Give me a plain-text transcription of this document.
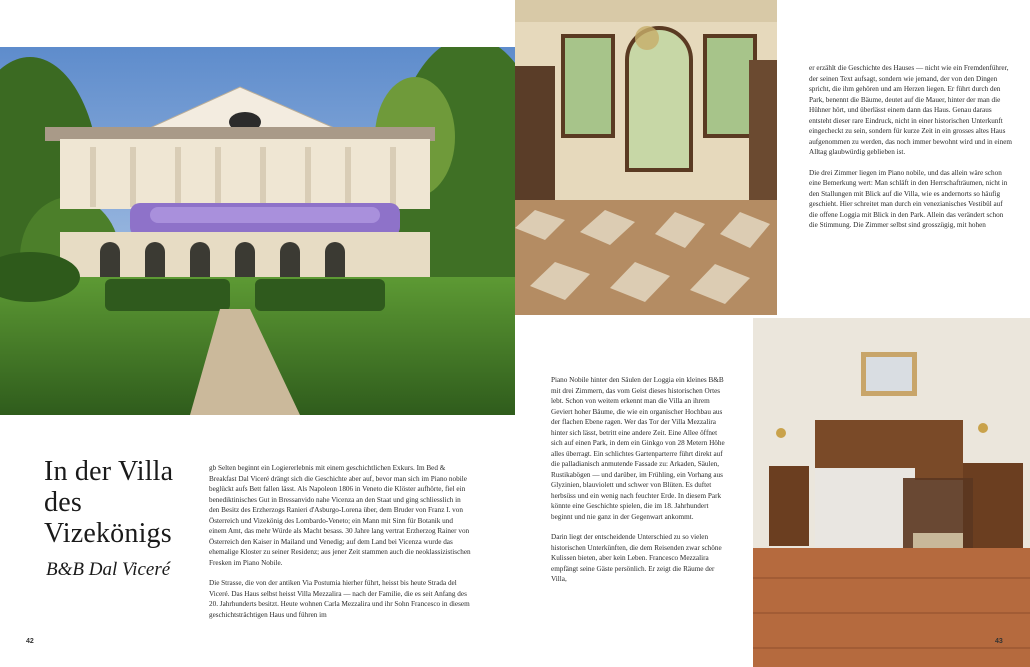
In der Villa des
Vizekönigs
B&B Dal Viceré

gb Selten beginnt ein Logiererlebnis mit einem geschichtlichen Exkurs. Im Bed & Breakfast Dal Viceré drängt sich die Geschichte aber auf, bevor man sich im Piano nobile beglückt aufs Bett fallen lässt. Als Napoleon 1806 in Veneto die Klöster aufhörte, fiel ein benediktinisches Gut in Bressanvido nahe Vicenza an den Staat und ging schliesslich in den Besitz des Erzherzogs Ranieri d'Asburgo-Lorena über, dem Bruder von Franz I. von Österreich und Vizekönig des Lombardo-Veneto; ein Mann mit Sinn für Botanik und einem Amt, das mehr Würde als Macht besass. 30 Jahre lang vertrat Erzherzog Rainer von Österreich den Kaiser in Mailand und Venedig; auf dem Land bei Vicenza wurde das ehemalige Kloster zu seiner Residenz; aus jener Zeit stammen auch die neoklassizistischen Fresken im Piano Nobile.

Die Strasse, die von der antiken Via Postumia hierher führt, heisst bis heute Strada del Viceré. Das Haus selbst heisst Villa Mezzalira — nach der Familie, die es seit Anfang des 20. Jahrhunderts besitzt. Heute wohnen Carla Mezzalira und ihr Sohn Francesco in diesem geschichtsträchtigen Haus und führen im

42

er erzählt die Geschichte des Hauses — nicht wie ein Fremdenführer, der seinen Text aufsagt, sondern wie jemand, der von den Dingen spricht, die ihm gehören und am Herzen liegen. Er führt durch den Park, benennt die Bäume, deutet auf die Mauer, hinter der man die Hühner hört, und überlässt einem dann das Haus. Genau daraus entsteht dieser rare Eindruck, nicht in einer historischen Unterkunft eingecheckt zu sein, sondern für kurze Zeit in ein grosses altes Haus aufgenommen zu werden, das noch immer bewohnt wird und in einem Alltag glaubwürdig geblieben ist.

Die drei Zimmer liegen im Piano nobile, und das allein wäre schon eine Bemerkung wert: Man schläft in den Herrschafträumen, nicht in den Stallungen mit Blick auf die Villa, wie es andernorts so häufig geschieht. Hier schreitet man durch ein venezianisches Vestibül auf die offene Loggia mit Blick in den Park. Allein das verändert schon die Stimmung. Die Zimmer selbst sind grosszügig, mit hohen

Piano Nobile hinter den Säulen der Loggia ein kleines B&B mit drei Zimmern, das vom Geist dieses historischen Ortes lebt. Schon von weitem erkennt man die Villa an ihrem Geviert hoher Bäume, die wie ein organischer Hochbau aus der flachen Ebene ragen. Wer das Tor der Villa Mezzalira hinter sich lässt, betritt eine andere Zeit. Eine Allee öffnet sich auf einen Park, in dem ein Ginkgo von 28 Metern Höhe alles überragt. Ein schlichtes Gartenparterre führt direkt auf die palladianisch anmutende Fassade zu: Arkaden, Säulen, Rustikabögen — und darüber, im Frühling, ein Vorhang aus Glyzinien, blauviolett und schwer von Blüten. Es duftet herbsüss und ein wenig nach feuchter Erde. In diesem Park könnte eine Geschichte spielen, die im 18. Jahrhundert beginnt und nie ganz in der Gegenwart ankommt.

Darin liegt der entscheidende Unterschied zu so vielen historischen Unterkünften, die dem Reisenden zwar schöne Kulissen bieten, aber kein Leben. Francesco Mezzalira empfängt seine Gäste persönlich. Er zeigt die Räume der Villa,

43
